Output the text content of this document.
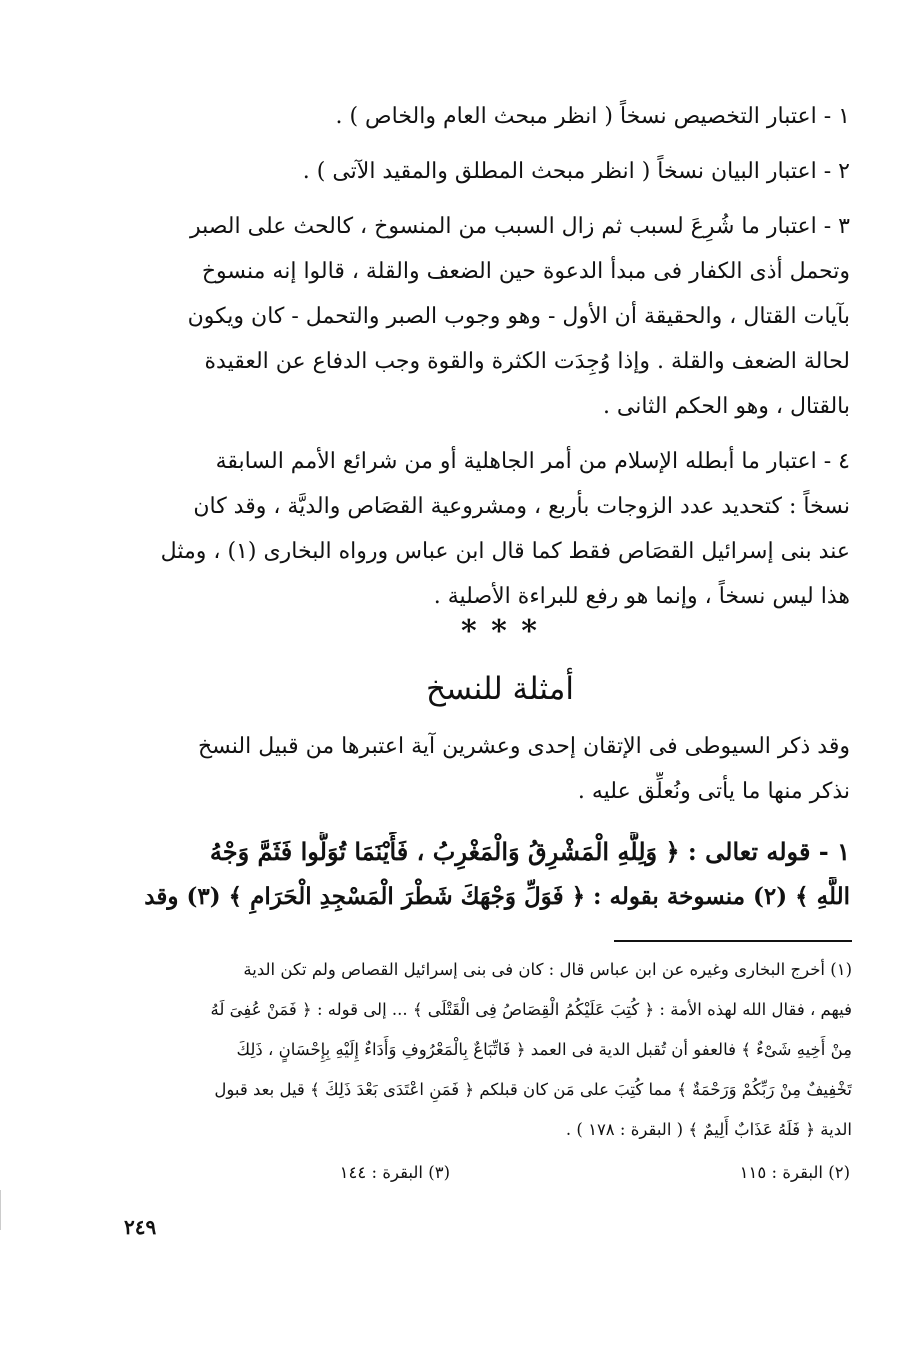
١ - اعتبار التخصيص نسخاً ( انظر مبحث العام والخاص ) .
٢ - اعتبار البيان نسخاً ( انظر مبحث المطلق والمقيد الآتى ) .
٣ - اعتبار ما شُرِعَ لسبب ثم زال السبب من المنسوخ ، كالحث على الصبر
وتحمل أذى الكفار فى مبدأ الدعوة حين الضعف والقلة ، قالوا إنه منسوخ
بآيات القتال ، والحقيقة أن الأول - وهو وجوب الصبر والتحمل - كان ويكون
لحالة الضعف والقلة . وإذا وُجِدَت الكثرة والقوة وجب الدفاع عن العقيدة
بالقتال ، وهو الحكم الثانى .
٤ - اعتبار ما أبطله الإسلام من أمر الجاهلية أو من شرائع الأمم السابقة
نسخاً : كتحديد عدد الزوجات بأربع ، ومشروعية القصَاص والديَّة ، وقد كان
عند بنى إسرائيل القصَاص فقط كما قال ابن عباس ورواه البخارى (١) ، ومثل
هذا ليس نسخاً ، وإنما هو رفع للبراءة الأصلية .
* * *
أمثلة للنسخ
وقد ذكر السيوطى فى الإتقان إحدى وعشرين آية اعتبرها من قبيل النسخ
نذكر منها ما يأتى ونُعلِّق عليه .
١ - قوله تعالى : ﴿ وَلِلَّهِ الْمَشْرِقُ وَالْمَغْرِبُ ، فَأَيْنَمَا تُوَلُّوا فَثَمَّ وَجْهُ
اللَّهِ ﴾ (٢) منسوخة بقوله : ﴿ فَوَلِّ وَجْهَكَ شَطْرَ الْمَسْجِدِ الْحَرَامِ ﴾ (٣) وقد
(١) أخرج البخارى وغيره عن ابن عباس قال : كان فى بنى إسرائيل القصاص ولم تكن الدية
فيهم ، فقال الله لهذه الأمة : ﴿ كُتِبَ عَلَيْكُمُ الْقِصَاصُ فِى الْقَتْلَى ﴾ ... إلى قوله : ﴿ فَمَنْ عُفِىَ لَهُ
مِنْ أَخِيهِ شَىْءٌ ﴾ فالعفو أن تُقبل الدية فى العمد ﴿ فَاتِّبَاعٌ بِالْمَعْرُوفِ وَأَدَاءٌ إِلَيْهِ بِإِحْسَانٍ ، ذَلِكَ
تَخْفِيفٌ مِنْ رَبِّكُمْ وَرَحْمَةٌ ﴾ مما كُتِبَ على مَن كان قبلكم ﴿ فَمَنِ اعْتَدَى بَعْدَ ذَلِكَ ﴾ قيل بعد قبول
الدية ﴿ فَلَهُ عَذَابٌ أَلِيمٌ ﴾ ( البقرة : ١٧٨ ) .
(٢) البقرة : ١١٥
(٣) البقرة : ١٤٤
٢٤٩
